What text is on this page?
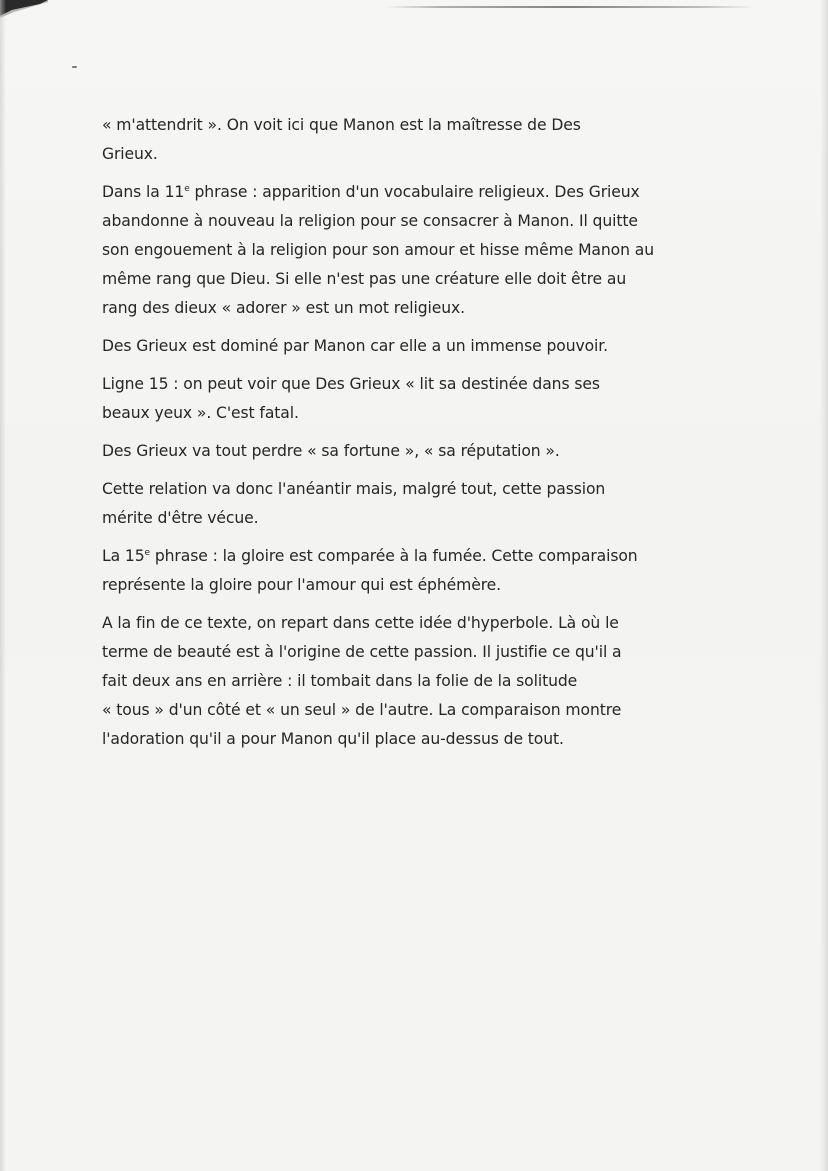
« m'attendrit ». On voit ici que Manon est la maîtresse de Des
Grieux.
Dans la 11e phrase : apparition d'un vocabulaire religieux. Des Grieux
abandonne à nouveau la religion pour se consacrer à Manon. Il quitte
son engouement à la religion pour son amour et hisse même Manon au
même rang que Dieu. Si elle n'est pas une créature elle doit être au
rang des dieux « adorer » est un mot religieux.
Des Grieux est dominé par Manon car elle a un immense pouvoir.
Ligne 15 : on peut voir que Des Grieux « lit sa destinée dans ses
beaux yeux ». C'est fatal.
Des Grieux va tout perdre « sa fortune », « sa réputation ».
Cette relation va donc l'anéantir mais, malgré tout, cette passion
mérite d'être vécue.
La 15e phrase : la gloire est comparée à la fumée. Cette comparaison
représente la gloire pour l'amour qui est éphémère.
A la fin de ce texte, on repart dans cette idée d'hyperbole. Là où le
terme de beauté est à l'origine de cette passion. Il justifie ce qu'il a
fait deux ans en arrière : il tombait dans la folie de la solitude
« tous » d'un côté et « un seul » de l'autre. La comparaison montre
l'adoration qu'il a pour Manon qu'il place au-dessus de tout.
